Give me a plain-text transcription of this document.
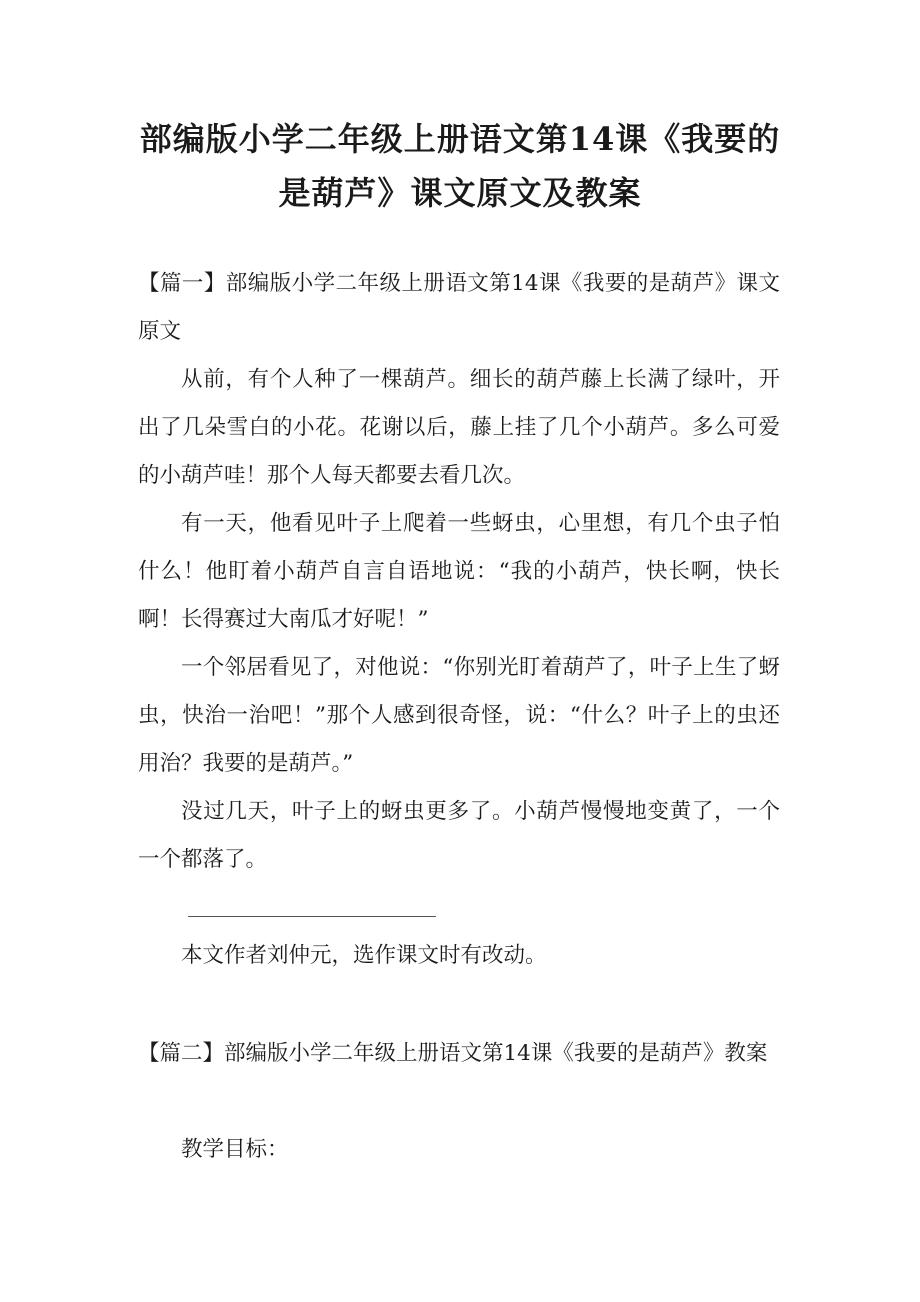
部编版小学二年级上册语文第14课《我要的是葫芦》课文原文及教案

【篇一】部编版小学二年级上册语文第14课《我要的是葫芦》课文原文

从前，有个人种了一棵葫芦。细长的葫芦藤上长满了绿叶，开出了几朵雪白的小花。花谢以后，藤上挂了几个小葫芦。多么可爱的小葫芦哇！那个人每天都要去看几次。

有一天，他看见叶子上爬着一些蚜虫，心里想，有几个虫子怕什么！他盯着小葫芦自言自语地说：“我的小葫芦，快长啊，快长啊！长得赛过大南瓜才好呢！”

一个邻居看见了，对他说：“你别光盯着葫芦了，叶子上生了蚜虫，快治一治吧！”那个人感到很奇怪，说：“什么？叶子上的虫还用治？我要的是葫芦。”

没过几天，叶子上的蚜虫更多了。小葫芦慢慢地变黄了，一个一个都落了。

本文作者刘仲元，选作课文时有改动。

【篇二】部编版小学二年级上册语文第14课《我要的是葫芦》教案

教学目标：
